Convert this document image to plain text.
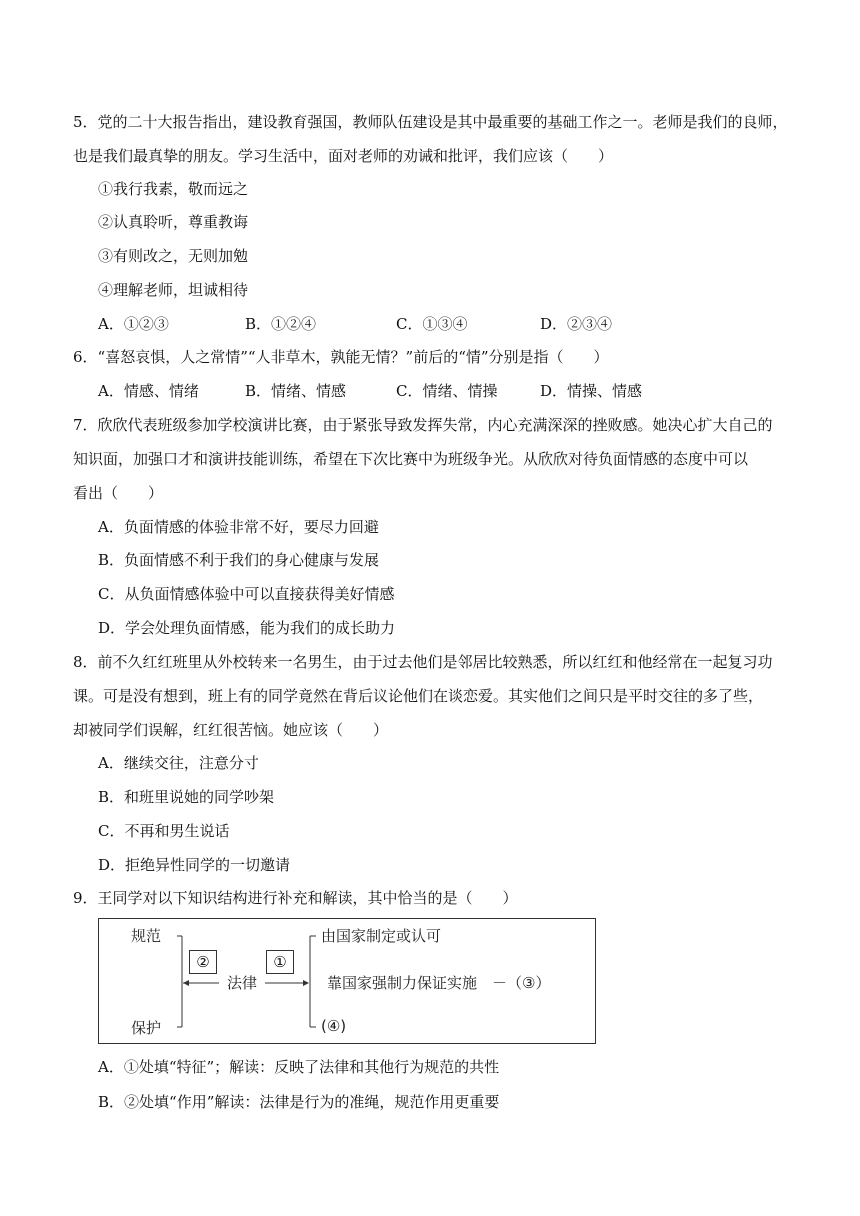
5．党的二十大报告指出，建设教育强国，教师队伍建设是其中最重要的基础工作之一。老师是我们的良师，
也是我们最真挚的朋友。学习生活中，面对老师的劝诫和批评，我们应该（　　）
①我行我素，敬而远之
②认真聆听，尊重教诲
③有则改之，无则加勉
④理解老师，坦诚相待
A．①②③	B．①②④	C．①③④	D．②③④
6．“喜怒哀惧，人之常情”“人非草木，孰能无情？”前后的“情”分别是指（　　）
A．情感、情绪	B．情绪、情感	C．情绪、情操	D．情操、情感
7．欣欣代表班级参加学校演讲比赛，由于紧张导致发挥失常，内心充满深深的挫败感。她决心扩大自己的
知识面，加强口才和演讲技能训练，希望在下次比赛中为班级争光。从欣欣对待负面情感的态度中可以
看出（　　）
A．负面情感的体验非常不好，要尽力回避
B．负面情感不利于我们的身心健康与发展
C．从负面情感体验中可以直接获得美好情感
D．学会处理负面情感，能为我们的成长助力
8．前不久红红班里从外校转来一名男生，由于过去他们是邻居比较熟悉，所以红红和他经常在一起复习功
课。可是没有想到，班上有的同学竟然在背后议论他们在谈恋爱。其实他们之间只是平时交往的多了些，
却被同学们误解，红红很苦恼。她应该（　　）
A．继续交往，注意分寸
B．和班里说她的同学吵架
C．不再和男生说话
D．拒绝异性同学的一切邀请
9．王同学对以下知识结构进行补充和解读，其中恰当的是（　　）
规范
保护
②
法律
①
由国家制定或认可
靠国家强制力保证实施　－（③）
(④)
A．①处填“特征”；解读：反映了法律和其他行为规范的共性
B．②处填“作用”解读：法律是行为的准绳，规范作用更重要
